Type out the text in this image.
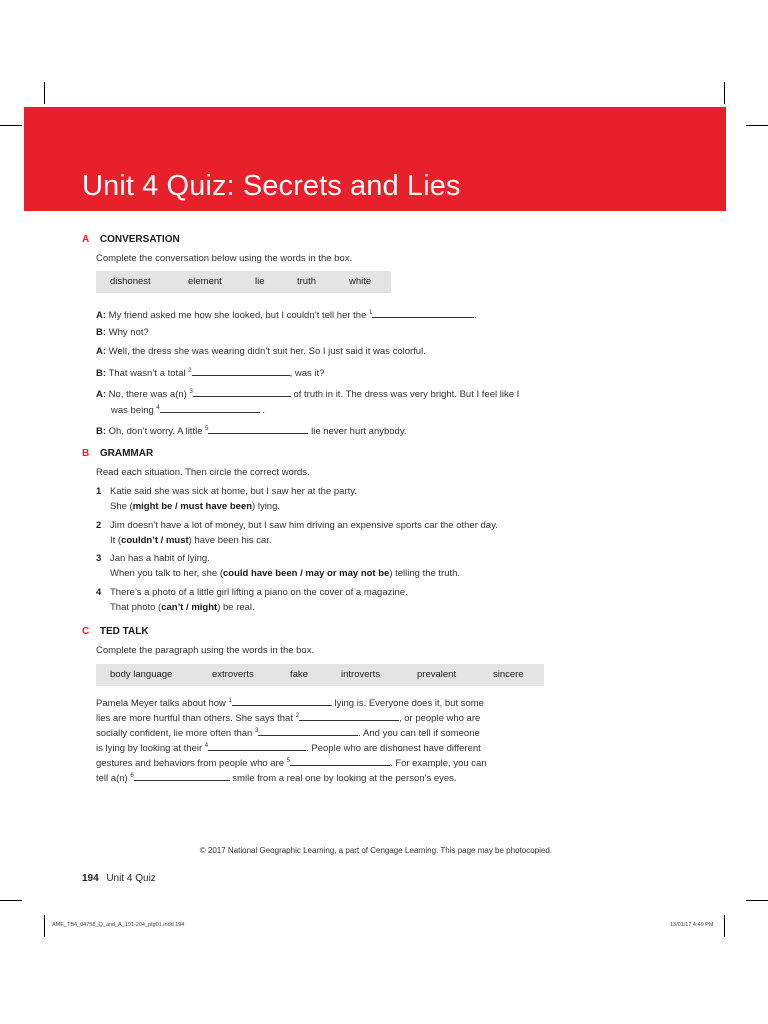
Unit 4 Quiz: Secrets and Lies
A CONVERSATION
Complete the conversation below using the words in the box.
dishonest	element	lie	truth	white
A: My friend asked me how she looked, but I couldn’t tell her the $^1$	.
B: Why not?
A: Well, the dress she was wearing didn’t suit her. So I just said it was colorful.
B: That wasn’t a total $^2$	, was it?
A: No, there was a(n) $^3$	of truth in it. The dress was very bright. But I feel like I
was being $^4$	.
B: Oh, don’t worry. A little $^5$	lie never hurt anybody.
B GRAMMAR
Read each situation. Then circle the correct words.
1 Katie said she was sick at home, but I saw her at the party.
She (might be / must have been) lying.
2 Jim doesn’t have a lot of money, but I saw him driving an expensive sports car the other day.
It (couldn’t / must) have been his car.
3 Jan has a habit of lying.
When you talk to her, she (could have been / may or may not be) telling the truth.
4 There’s a photo of a little girl lifting a piano on the cover of a magazine.
That photo (can’t / might) be real.
C TED TALK
Complete the paragraph using the words in the box.
body language	extroverts	fake	introverts	prevalent	sincere
Pamela Meyer talks about how $^1$	lying is. Everyone does it, but some
lies are more hurtful than others. She says that $^2$	, or people who are
socially confident, lie more often than $^3$	. And you can tell if someone
is lying by looking at their $^4$	. People who are dishonest have different
gestures and behaviors from people who are $^5$	. For example, you can
tell a(n) $^6$	smile from a real one by looking at the person’s eyes.
© 2017 National Geographic Learning, a part of Cengage Learning. This page may be photocopied.
194 Unit 4 Quiz
AME_TB4_04758_Q_and_A_191-204_ptg01.indd 194	13/01/17 4:49 PM
